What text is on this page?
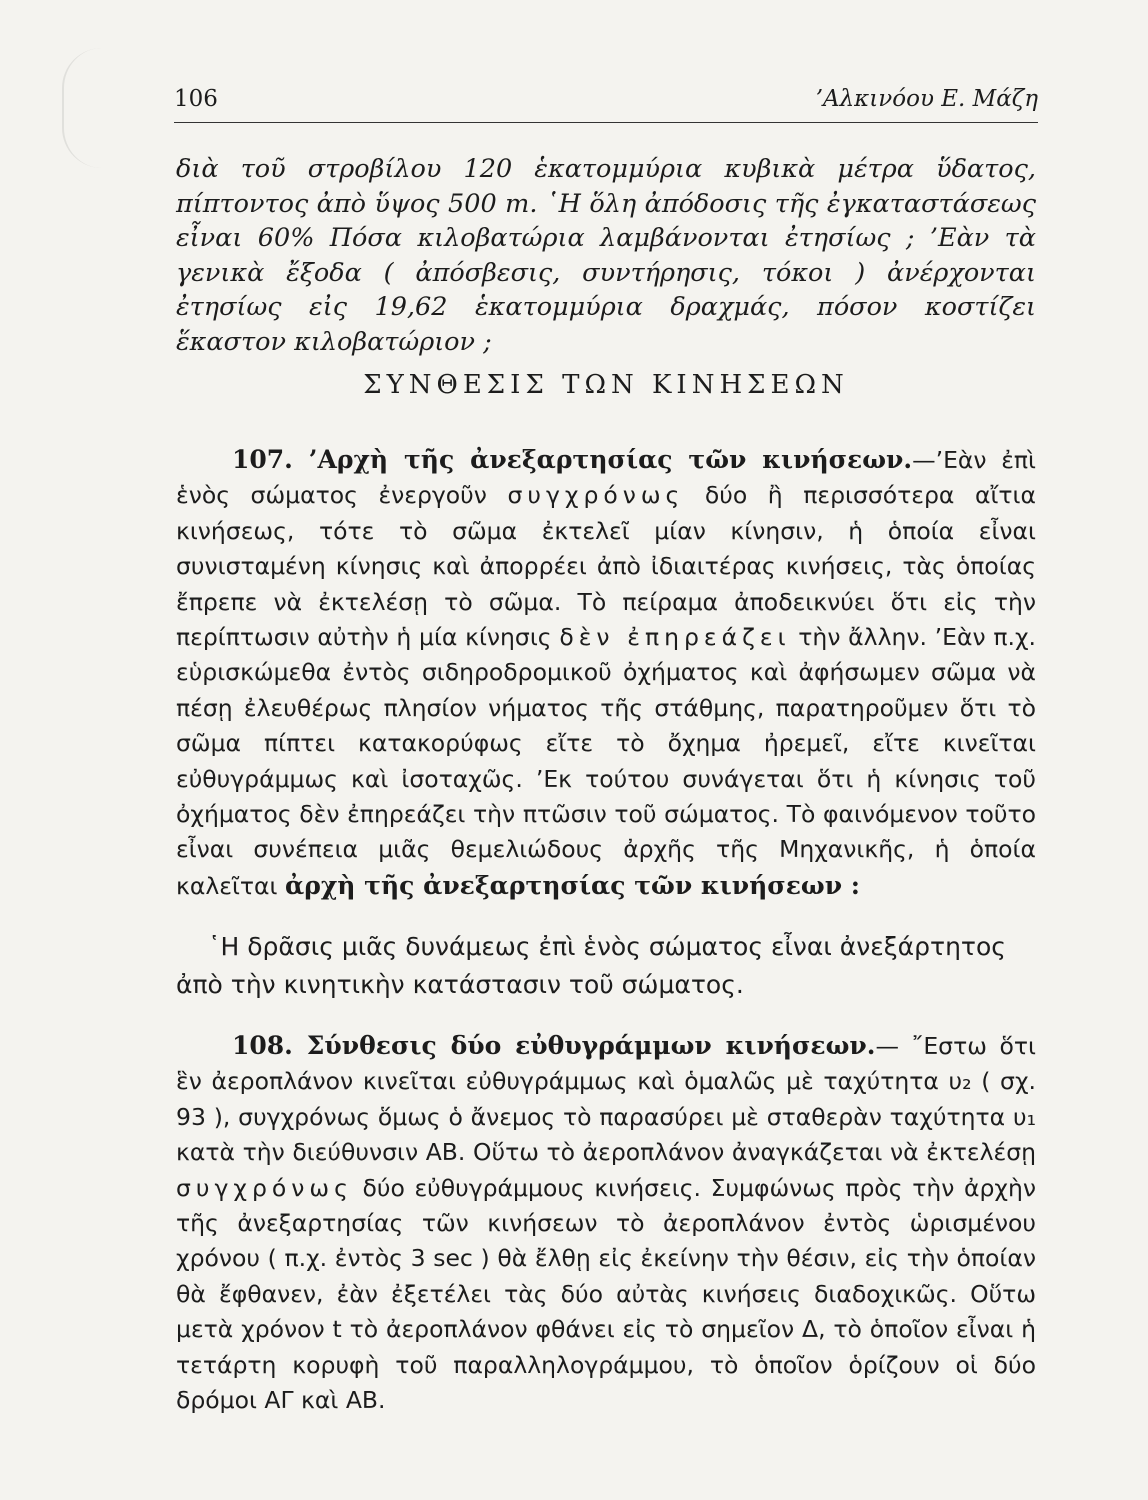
106	’Αλκινόου Ε. Μάζη

διὰ τοῦ στροβίλου 120 ἑκατομμύρια κυβικὰ μέτρα ὕδατος, πίπτοντος ἀπὸ ὕψος 500 m. ῾Η ὅλη ἀπόδοσις τῆς ἐγκαταστάσεως εἶναι 60% Πόσα κιλοβατώρια λαμβάνονται ἐτησίως ; ’Εὰν τὰ γενικὰ ἔξοδα ( ἀπόσβεσις, συντήρησις, τόκοι ) ἀνέρχονται ἐτησίως εἰς 19,62 ἑκατομμύρια δραχμάς, πόσον κοστίζει ἕκαστον κιλοβατώριον ;

ΣΥΝΘΕΣΙΣ ΤΩΝ ΚΙΝΗΣΕΩΝ

107. ’Αρχὴ τῆς ἀνεξαρτησίας τῶν κινήσεων.—’Εὰν ἐπὶ ἑνὸς σώματος ἐνεργοῦν συγχρόνως δύο ἢ περισσότερα αἴτια κινήσεως, τότε τὸ σῶμα ἐκτελεῖ μίαν κίνησιν, ἡ ὁποία εἶναι συνισταμένη κίνησις καὶ ἀπορρέει ἀπὸ ἰδιαιτέρας κινήσεις, τὰς ὁποίας ἔπρεπε νὰ ἐκτελέσῃ τὸ σῶμα. Τὸ πείραμα ἀποδεικνύει ὅτι εἰς τὴν περίπτωσιν αὐτὴν ἡ μία κίνησις δὲν ἐπηρεάζει τὴν ἄλλην. ’Εὰν π.χ. εὑρισκώμεθα ἐντὸς σιδηροδρομικοῦ ὀχήματος καὶ ἀφήσωμεν σῶμα νὰ πέσῃ ἐλευθέρως πλησίον νήματος τῆς στάθμης, παρατηροῦμεν ὅτι τὸ σῶμα πίπτει κατακορύφως εἴτε τὸ ὄχημα ἠρεμεῖ, εἴτε κινεῖται εὐθυγράμμως καὶ ἰσοταχῶς. ’Εκ τούτου συνάγεται ὅτι ἡ κίνησις τοῦ ὀχήματος δὲν ἐπηρεάζει τὴν πτῶσιν τοῦ σώματος. Τὸ φαινόμενον τοῦτο εἶναι συνέπεια μιᾶς θεμελιώδους ἀρχῆς τῆς Μηχανικῆς, ἡ ὁποία καλεῖται ἀρχὴ τῆς ἀνεξαρτησίας τῶν κινήσεων :

῾Η δρᾶσις μιᾶς δυνάμεως ἐπὶ ἑνὸς σώματος εἶναι ἀνεξάρτητος ἀπὸ τὴν κινητικὴν κατάστασιν τοῦ σώματος.

108. Σύνθεσις δύο εὐθυγράμμων κινήσεων.— ῎Εστω ὅτι ἓν ἀεροπλάνον κινεῖται εὐθυγράμμως καὶ ὁμαλῶς μὲ ταχύτητα υ₂ ( σχ. 93 ), συγχρόνως ὅμως ὁ ἄνεμος τὸ παρασύρει μὲ σταθερὰν ταχύτητα υ₁ κατὰ τὴν διεύθυνσιν ΑΒ. Οὕτω τὸ ἀεροπλάνον ἀναγκάζεται νὰ ἐκτελέσῃ συγχρόνως δύο εὐθυγράμμους κινήσεις. Συμφώνως πρὸς τὴν ἀρχὴν τῆς ἀνεξαρτησίας τῶν κινήσεων τὸ ἀεροπλάνον ἐντὸς ὡρισμένου χρόνου ( π.χ. ἐντὸς 3 sec ) θὰ ἔλθῃ εἰς ἐκείνην τὴν θέσιν, εἰς τὴν ὁποίαν θὰ ἔφθανεν, ἐὰν ἐξετέλει τὰς δύο αὐτὰς κινήσεις διαδοχικῶς. Οὕτω μετὰ χρόνον t τὸ ἀεροπλάνον φθάνει εἰς τὸ σημεῖον Δ, τὸ ὁποῖον εἶναι ἡ τετάρτη κορυφὴ τοῦ παραλληλογράμμου, τὸ ὁποῖον ὁρίζουν οἱ δύο δρόμοι ΑΓ καὶ ΑΒ.
